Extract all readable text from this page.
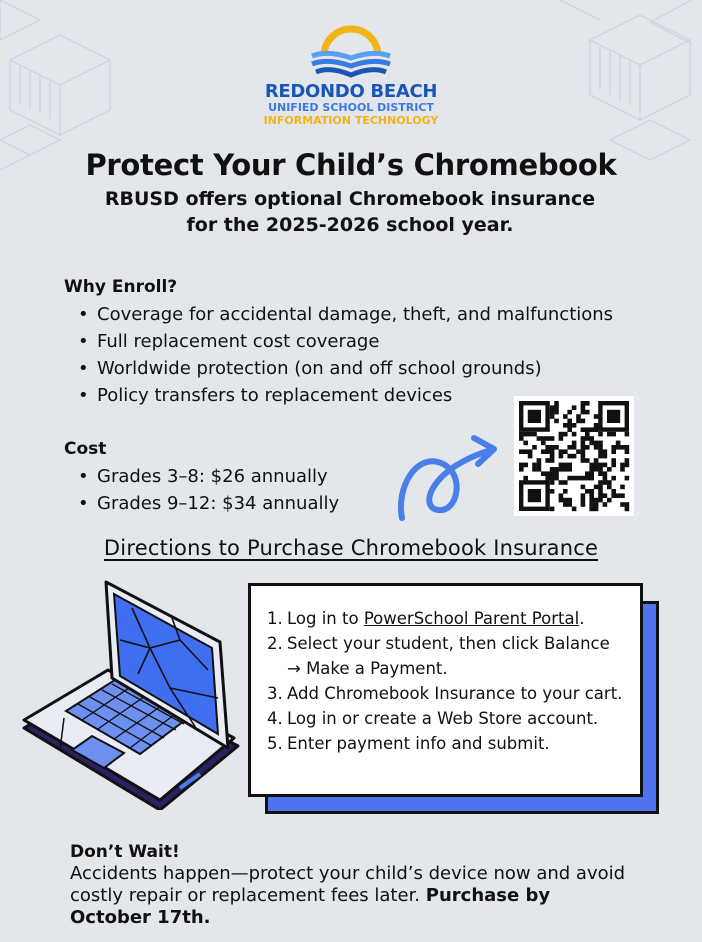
REDONDO BEACH
UNIFIED SCHOOL DISTRICT
INFORMATION TECHNOLOGY
Protect Your Child’s Chromebook
RBUSD offers optional Chromebook insurance for the 2025-2026 school year.
Why Enroll?
• Coverage for accidental damage, theft, and malfunctions
• Full replacement cost coverage
• Worldwide protection (on and off school grounds)
• Policy transfers to replacement devices
Cost
• Grades 3–8: $26 annually
• Grades 9–12: $34 annually
Directions to Purchase Chromebook Insurance
1. Log in to PowerSchool Parent Portal.
2. Select your student, then click Balance → Make a Payment.
3. Add Chromebook Insurance to your cart.
4. Log in or create a Web Store account.
5. Enter payment info and submit.
Don’t Wait!
Accidents happen—protect your child’s device now and avoid costly repair or replacement fees later. Purchase by October 17th.
